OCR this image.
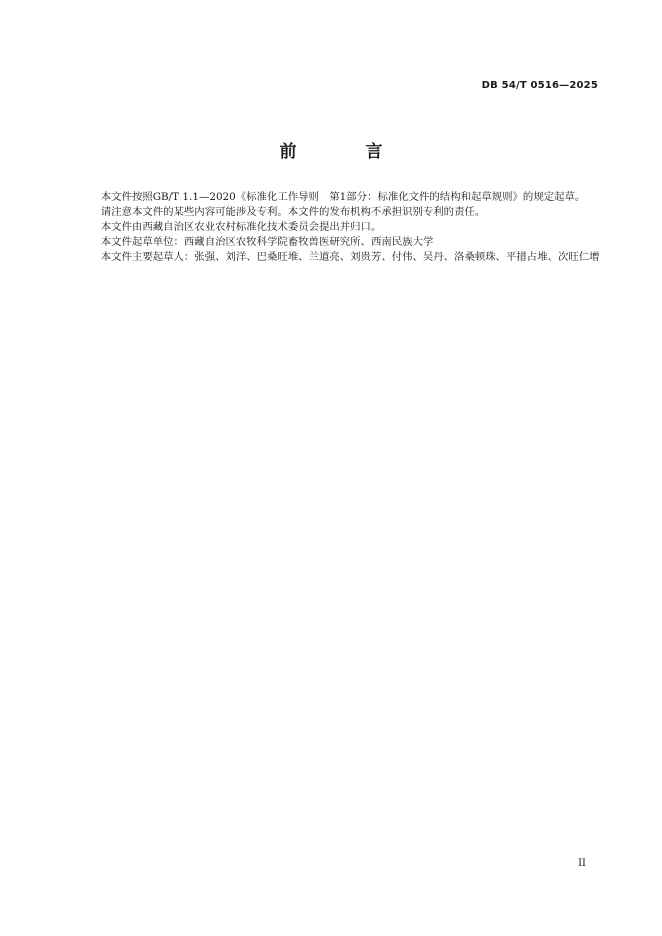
DB 54/T 0516—2025
前　言

本文件按照GB/T 1.1—2020《标准化工作导则　第1部分：标准化文件的结构和起草规则》的规定起草。

请注意本文件的某些内容可能涉及专利。本文件的发布机构不承担识别专利的责任。

本文件由西藏自治区农业农村标准化技术委员会提出并归口。

本文件起草单位：西藏自治区农牧科学院畜牧兽医研究所、西南民族大学

本文件主要起草人：张强、刘洋、巴桑旺堆、兰道亮、刘贵芳、付伟、吴丹、洛桑顿珠、平措占堆、次旺仁增

II
